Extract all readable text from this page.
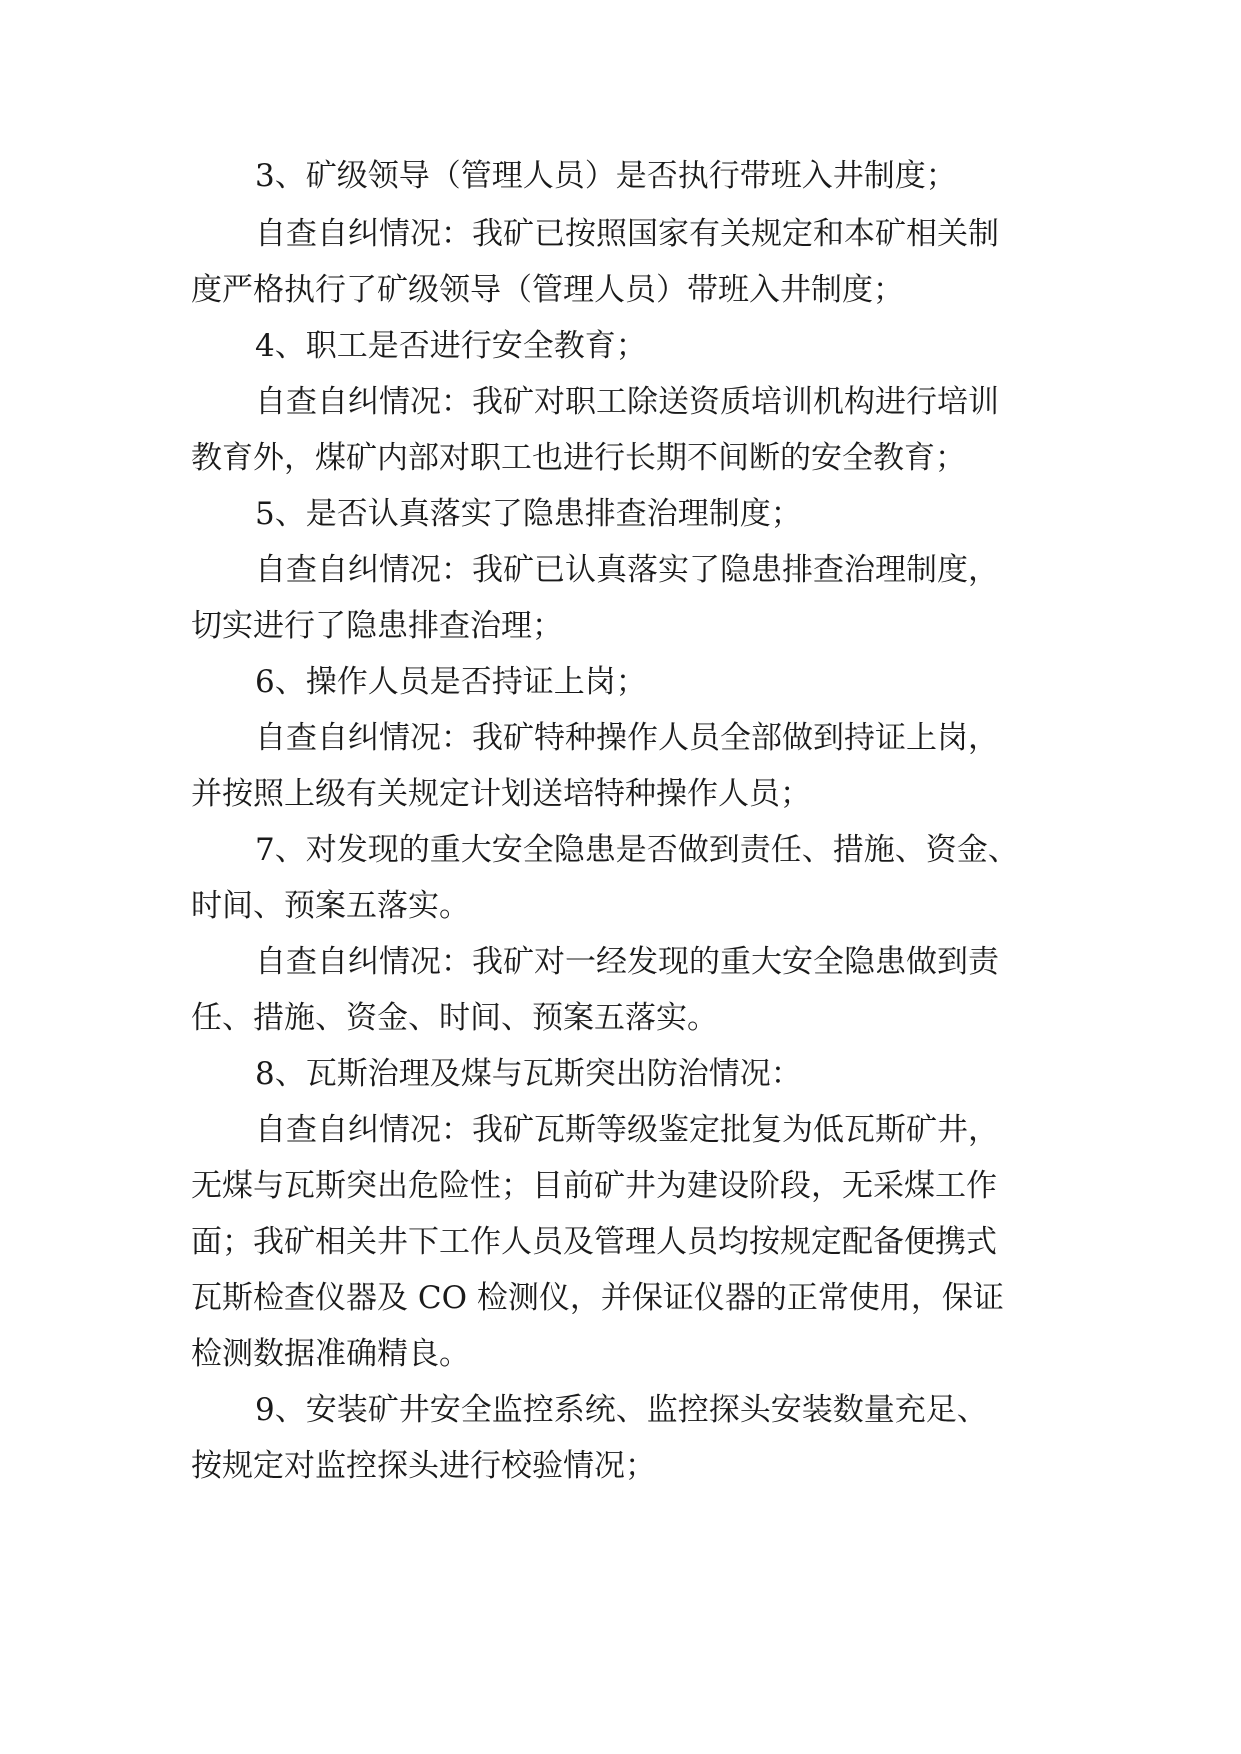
3、矿级领导（管理人员）是否执行带班入井制度；
自查自纠情况：我矿已按照国家有关规定和本矿相关制
度严格执行了矿级领导（管理人员）带班入井制度；
4、职工是否进行安全教育；
自查自纠情况：我矿对职工除送资质培训机构进行培训
教育外，煤矿内部对职工也进行长期不间断的安全教育；
5、是否认真落实了隐患排查治理制度；
自查自纠情况：我矿已认真落实了隐患排查治理制度，
切实进行了隐患排查治理；
6、操作人员是否持证上岗；
自查自纠情况：我矿特种操作人员全部做到持证上岗，
并按照上级有关规定计划送培特种操作人员；
7、对发现的重大安全隐患是否做到责任、措施、资金、
时间、预案五落实。
自查自纠情况：我矿对一经发现的重大安全隐患做到责
任、措施、资金、时间、预案五落实。
8、瓦斯治理及煤与瓦斯突出防治情况：
自查自纠情况：我矿瓦斯等级鉴定批复为低瓦斯矿井，
无煤与瓦斯突出危险性；目前矿井为建设阶段，无采煤工作
面；我矿相关井下工作人员及管理人员均按规定配备便携式
瓦斯检查仪器及 CO 检测仪，并保证仪器的正常使用，保证
检测数据准确精良。
9、安装矿井安全监控系统、监控探头安装数量充足、
按规定对监控探头进行校验情况；
